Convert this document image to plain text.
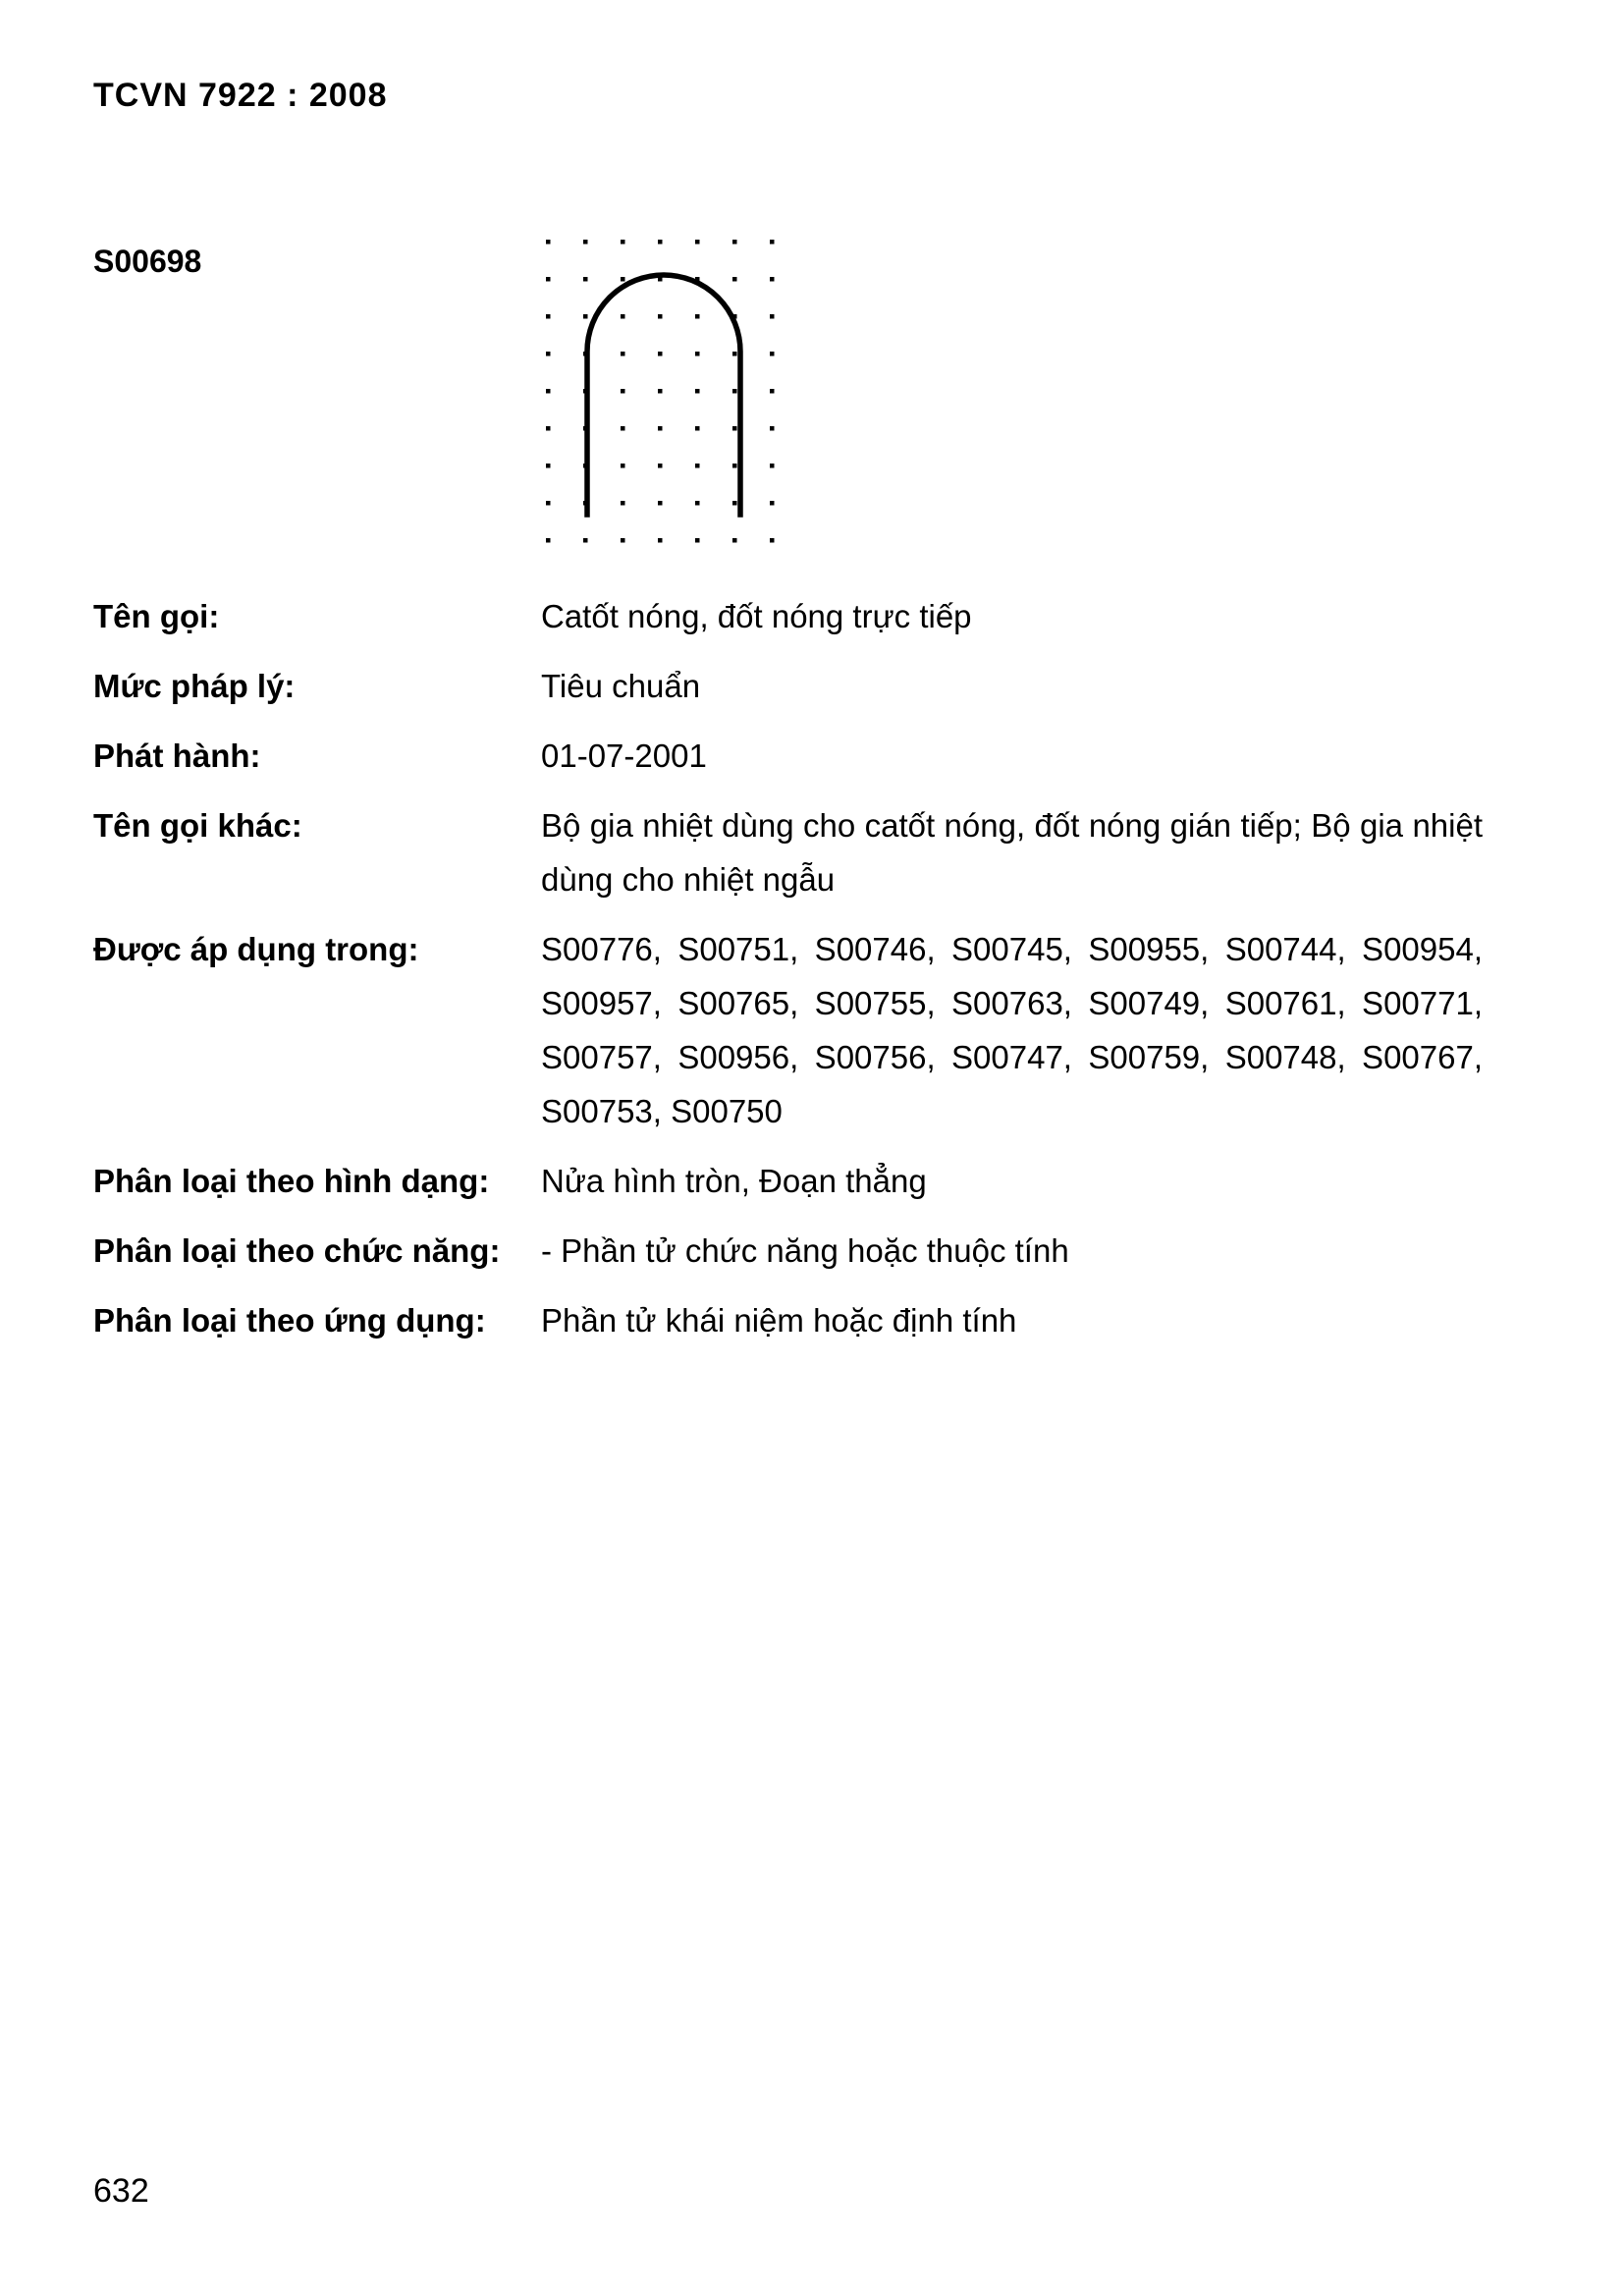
TCVN 7922 : 2008
S00698
Tên gọi:	Catốt nóng, đốt nóng trực tiếp
Mức pháp lý:	Tiêu chuẩn
Phát hành:	01-07-2001
Tên gọi khác:	Bộ gia nhiệt dùng cho catốt nóng, đốt nóng gián tiếp; Bộ gia nhiệt dùng cho nhiệt ngẫu
Được áp dụng trong:	S00776, S00751, S00746, S00745, S00955, S00744, S00954, S00957, S00765, S00755, S00763, S00749, S00761, S00771, S00757, S00956, S00756, S00747, S00759, S00748, S00767, S00753, S00750
Phân loại theo hình dạng:	Nửa hình tròn, Đoạn thẳng
Phân loại theo chức năng:	- Phần tử chức năng hoặc thuộc tính
Phân loại theo ứng dụng:	Phần tử khái niệm hoặc định tính
632
